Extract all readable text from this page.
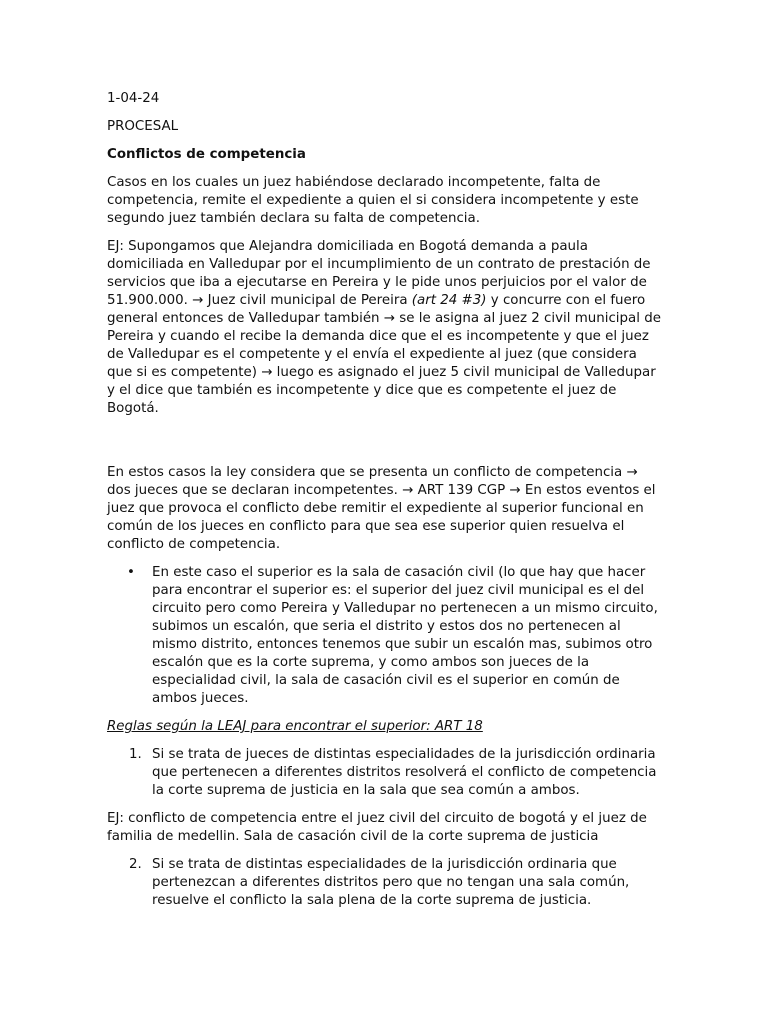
1-04-24

PROCESAL

Conflictos de competencia

Casos en los cuales un juez habiéndose declarado incompetente, falta de competencia, remite el expediente a quien el si considera incompetente y este segundo juez también declara su falta de competencia.

EJ: Supongamos que Alejandra domiciliada en Bogotá demanda a paula domiciliada en Valledupar por el incumplimiento de un contrato de prestación de servicios que iba a ejecutarse en Pereira y le pide unos perjuicios por el valor de 51.900.000. → Juez civil municipal de Pereira (art 24 #3) y concurre con el fuero general entonces de Valledupar también → se le asigna al juez 2 civil municipal de Pereira y cuando el recibe la demanda dice que el es incompetente y que el juez de Valledupar es el competente y el envía el expediente al juez (que considera que si es competente) → luego es asignado el juez 5 civil municipal de Valledupar y el dice que también es incompetente y dice que es competente el juez de Bogotá.

En estos casos la ley considera que se presenta un conflicto de competencia → dos jueces que se declaran incompetentes. → ART 139 CGP → En estos eventos el juez que provoca el conflicto debe remitir el expediente al superior funcional en común de los jueces en conflicto para que sea ese superior quien resuelva el conflicto de competencia.

• En este caso el superior es la sala de casación civil (lo que hay que hacer para encontrar el superior es: el superior del juez civil municipal es el del circuito pero como Pereira y Valledupar no pertenecen a un mismo circuito, subimos un escalón, que seria el distrito y estos dos no pertenecen al mismo distrito, entonces tenemos que subir un escalón mas, subimos otro escalón que es la corte suprema, y como ambos son jueces de la especialidad civil, la sala de casación civil es el superior en común de ambos jueces.

Reglas según la LEAJ para encontrar el superior: ART 18

1. Si se trata de jueces de distintas especialidades de la jurisdicción ordinaria que pertenecen a diferentes distritos resolverá el conflicto de competencia la corte suprema de justicia en la sala que sea común a ambos.

EJ: conflicto de competencia entre el juez civil del circuito de bogotá y el juez de familia de medellin. Sala de casación civil de la corte suprema de justicia

2. Si se trata de distintas especialidades de la jurisdicción ordinaria que pertenezcan a diferentes distritos pero que no tengan una sala común, resuelve el conflicto la sala plena de la corte suprema de justicia.
